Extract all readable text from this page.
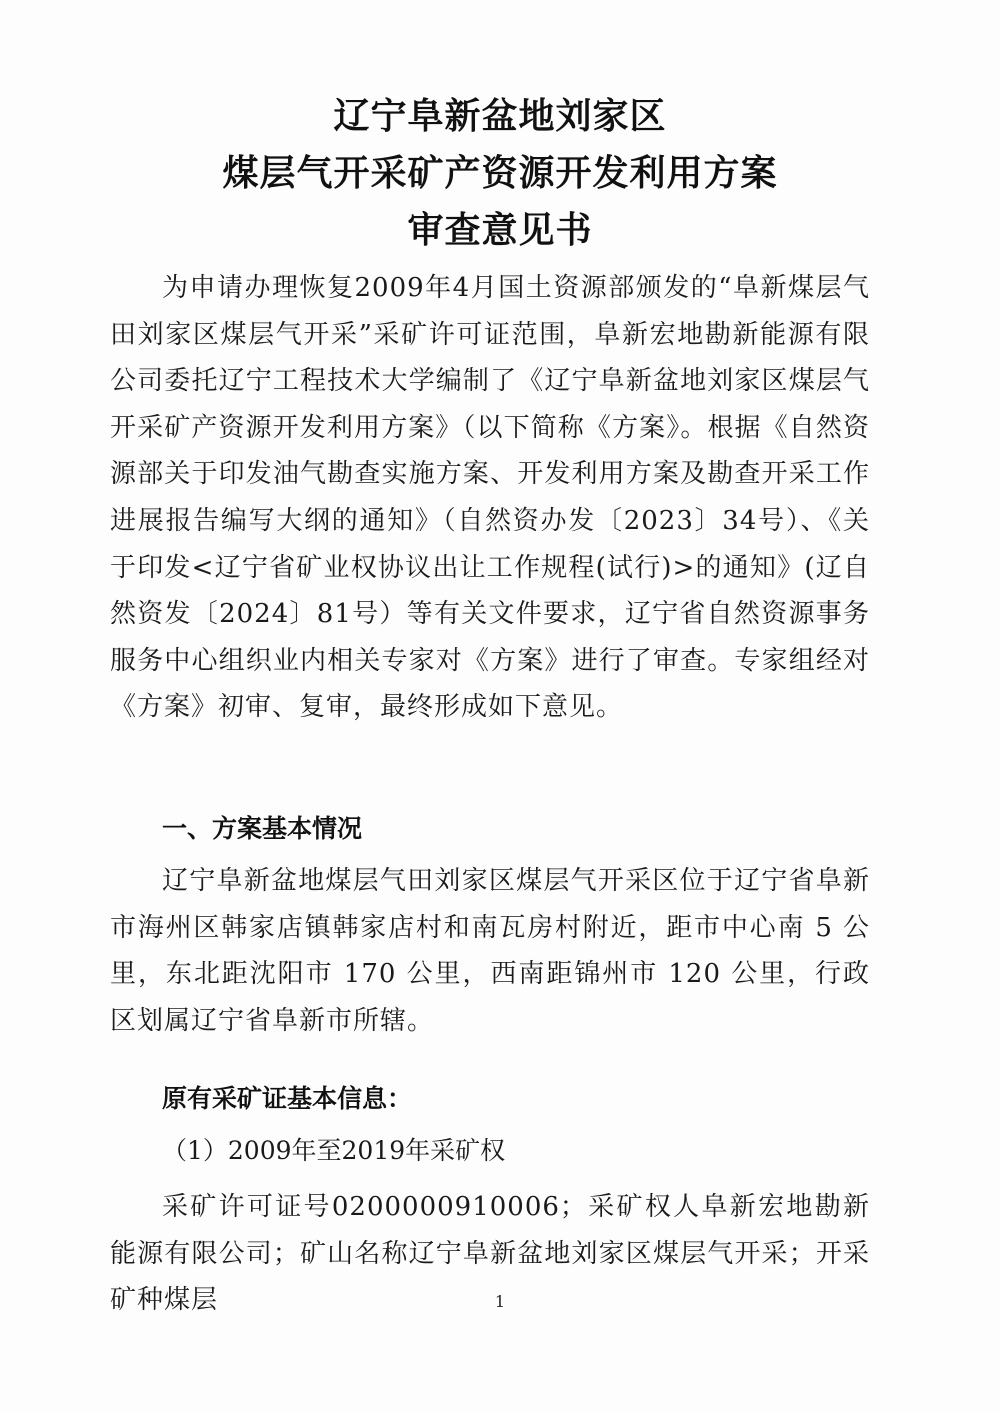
辽宁阜新盆地刘家区
煤层气开采矿产资源开发利用方案
审查意见书

为申请办理恢复2009年4月国土资源部颁发的“阜新煤层气田刘家区煤层气开采”采矿许可证范围，阜新宏地勘新能源有限公司委托辽宁工程技术大学编制了《辽宁阜新盆地刘家区煤层气开采矿产资源开发利用方案》（以下简称《方案》。根据《自然资源部关于印发油气勘查实施方案、开发利用方案及勘查开采工作进展报告编写大纲的通知》（自然资办发〔2023〕34号）、《关于印发<辽宁省矿业权协议出让工作规程(试行)>的通知》(辽自然资发〔2024〕81号）等有关文件要求，辽宁省自然资源事务服务中心组织业内相关专家对《方案》进行了审查。专家组经对《方案》初审、复审，最终形成如下意见。

一、方案基本情况

辽宁阜新盆地煤层气田刘家区煤层气开采区位于辽宁省阜新市海州区韩家店镇韩家店村和南瓦房村附近，距市中心南 5 公里，东北距沈阳市 170 公里，西南距锦州市 120 公里，行政区划属辽宁省阜新市所辖。

原有采矿证基本信息：

（1）2009年至2019年采矿权

采矿许可证号0200000910006；采矿权人阜新宏地勘新能源有限公司；矿山名称辽宁阜新盆地刘家区煤层气开采；开采矿种煤层	1
